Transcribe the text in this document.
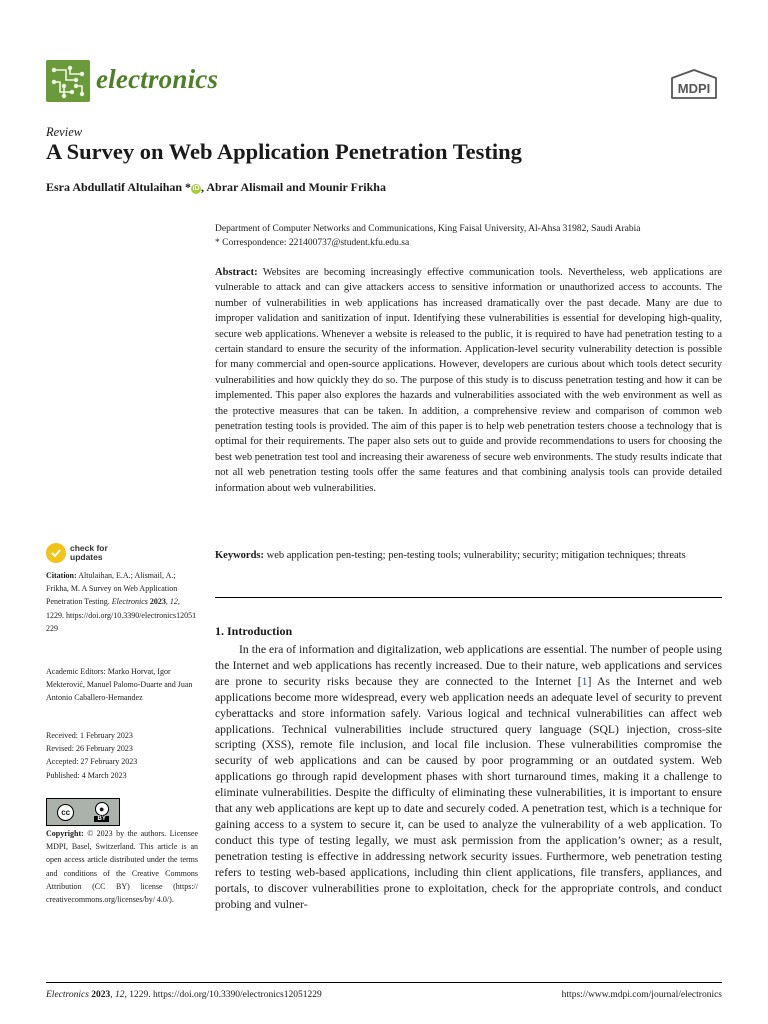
electronics	MDPI
Review
A Survey on Web Application Penetration Testing
Esra Abdullatif Altulaihan * iD , Abrar Alismail and Mounir Frikha
Department of Computer Networks and Communications, King Faisal University, Al-Ahsa 31982, Saudi Arabia
* Correspondence: 221400737@student.kfu.edu.sa
Abstract: Websites are becoming increasingly effective communication tools. Nevertheless, web applications are vulnerable to attack and can give attackers access to sensitive information or unauthorized access to accounts. The number of vulnerabilities in web applications has increased dramatically over the past decade. Many are due to improper validation and sanitization of input. Identifying these vulnerabilities is essential for developing high-quality, secure web applications. Whenever a website is released to the public, it is required to have had penetration testing to a certain standard to ensure the security of the information. Application-level security vulnerability detection is possible for many commercial and open-source applications. However, developers are curious about which tools detect security vulnerabilities and how quickly they do so. The purpose of this study is to discuss penetration testing and how it can be implemented. This paper also explores the hazards and vulnerabilities associated with the web environment as well as the protective measures that can be taken. In addition, a comprehensive review and comparison of common web penetration testing tools is provided. The aim of this paper is to help web penetration testers choose a technology that is optimal for their requirements. The paper also sets out to guide and provide recommendations to users for choosing the best web penetration test tool and increasing their awareness of secure web environments. The study results indicate that not all web penetration testing tools offer the same features and that combining analysis tools can provide detailed information about web vulnerabilities.
Keywords: web application pen-testing; pen-testing tools; vulnerability; security; mitigation techniques; threats
1. Introduction

In the era of information and digitalization, web applications are essential. The number of people using the Internet and web applications has recently increased. Due to their nature, web applications and services are prone to security risks because they are connected to the Internet [1] As the Internet and web applications become more widespread, every web application needs an adequate level of security to prevent cyberattacks and store information safely. Various logical and technical vulnerabilities can affect web applications. Technical vulnerabilities include structured query language (SQL) injection, cross-site scripting (XSS), remote file inclusion, and local file inclusion. These vulnerabilities compromise the security of web applications and can be caused by poor programming or an outdated system. Web applications go through rapid development phases with short turnaround times, making it a challenge to eliminate vulnerabilities. Despite the difficulty of eliminating these vulnerabilities, it is important to ensure that any web applications are kept up to date and securely coded. A penetration test, which is a technique for gaining access to a system to secure it, can be used to analyze the vulnerability of a web application. To conduct this type of testing legally, we must ask permission from the application’s owner; as a result, penetration testing is effective in addressing network security issues. Furthermore, web penetration testing refers to testing web-based applications, including thin client applications, file transfers, appliances, and portals, to discover vulnerabilities prone to exploitation, check for the appropriate controls, and conduct probing and vulner-

check for
updates
Citation: Altulaihan, E.A.; Alismail, A.; Frikha, M. A Survey on Web Application Penetration Testing. Electronics 2023, 12, 1229. https://doi.org/10.3390/electronics12051229
Academic Editors: Marko Horvat, Igor Mekterović, Manuel Palomo-Duarte and Juan Antonio Caballero-Hernandez
Received: 1 February 2023
Revised: 26 February 2023
Accepted: 27 February 2023
Published: 4 March 2023
cc	●
BY
Copyright: © 2023 by the authors. Licensee MDPI, Basel, Switzerland. This article is an open access article distributed under the terms and conditions of the Creative Commons Attribution (CC BY) license (https:// creativecommons.org/licenses/by/ 4.0/).
Electronics 2023, 12, 1229. https://doi.org/10.3390/electronics12051229	https://www.mdpi.com/journal/electronics
